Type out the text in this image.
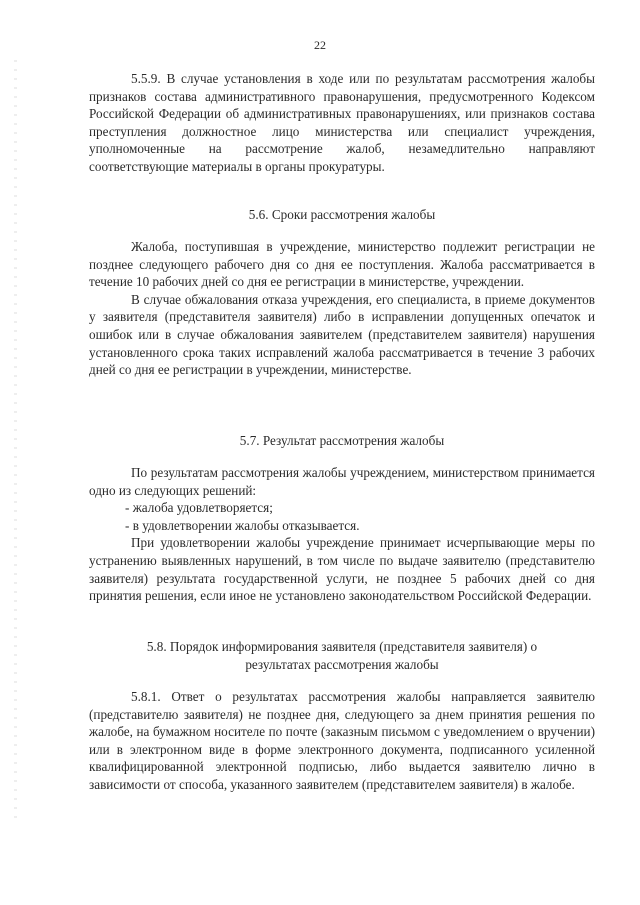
22

5.5.9. В случае установления в ходе или по результатам рассмотрения жалобы признаков состава административного правонарушения, предусмотренного Кодексом Российской Федерации об административных правонарушениях, или признаков состава преступления должностное лицо министерства или специалист учреждения, уполномоченные на рассмотрение жалоб, незамедлительно направляют соответствующие материалы в органы прокуратуры.

5.6. Сроки рассмотрения жалобы

Жалоба, поступившая в учреждение, министерство подлежит регистрации не позднее следующего рабочего дня со дня ее поступления. Жалоба рассматривается в течение 10 рабочих дней со дня ее регистрации в министерстве, учреждении.

В случае обжалования отказа учреждения, его специалиста, в приеме документов у заявителя (представителя заявителя) либо в исправлении допущенных опечаток и ошибок или в случае обжалования заявителем (представителем заявителя) нарушения установленного срока таких исправлений жалоба рассматривается в течение 3 рабочих дней со дня ее регистрации в учреждении, министерстве.

5.7. Результат рассмотрения жалобы

По результатам рассмотрения жалобы учреждением, министерством принимается одно из следующих решений:

- жалоба удовлетворяется;

- в удовлетворении жалобы отказывается.

При удовлетворении жалобы учреждение принимает исчерпывающие меры по устранению выявленных нарушений, в том числе по выдаче заявителю (представителю заявителя) результата государственной услуги, не позднее 5 рабочих дней со дня принятия решения, если иное не установлено законодательством Российской Федерации.

5.8. Порядок информирования заявителя (представителя заявителя) о
результатах рассмотрения жалобы

5.8.1. Ответ о результатах рассмотрения жалобы направляется заявителю (представителю заявителя) не позднее дня, следующего за днем принятия решения по жалобе, на бумажном носителе по почте (заказным письмом с уведомлением о вручении) или в электронном виде в форме электронного документа, подписанного усиленной квалифицированной электронной подписью, либо выдается заявителю лично в зависимости от способа, указанного заявителем (представителем заявителя) в жалобе.
